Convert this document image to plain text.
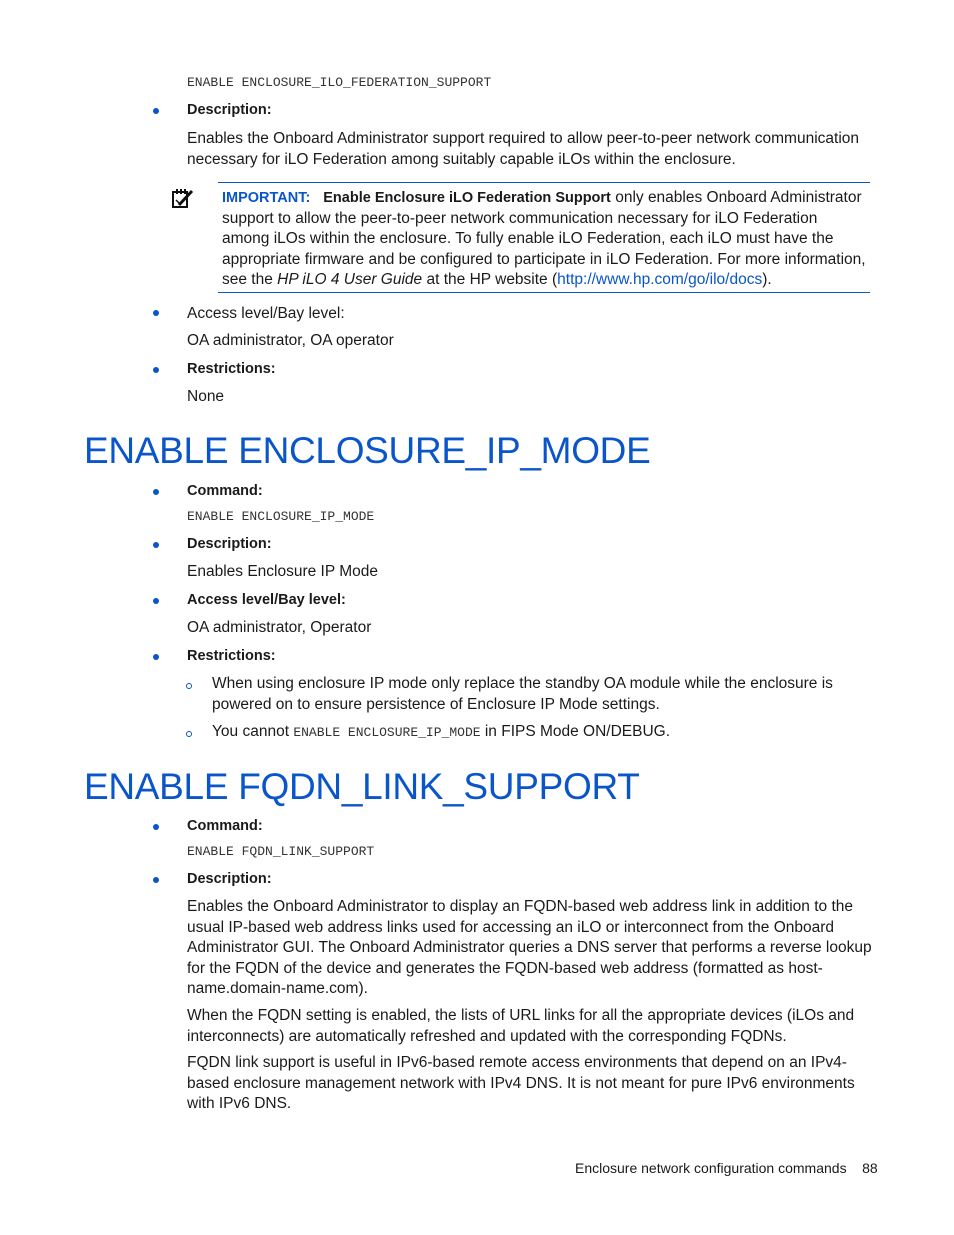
ENABLE ENCLOSURE_ILO_FEDERATION_SUPPORT
Description:
Enables the Onboard Administrator support required to allow peer-to-peer network communication necessary for iLO Federation among suitably capable iLOs within the enclosure.
IMPORTANT: Enable Enclosure iLO Federation Support only enables Onboard Administrator support to allow the peer-to-peer network communication necessary for iLO Federation among iLOs within the enclosure. To fully enable iLO Federation, each iLO must have the appropriate firmware and be configured to participate in iLO Federation. For more information, see the HP iLO 4 User Guide at the HP website (http://www.hp.com/go/ilo/docs).
Access level/Bay level:
OA administrator, OA operator
Restrictions:
None
ENABLE ENCLOSURE_IP_MODE
Command:
ENABLE ENCLOSURE_IP_MODE
Description:
Enables Enclosure IP Mode
Access level/Bay level:
OA administrator, Operator
Restrictions:
When using enclosure IP mode only replace the standby OA module while the enclosure is powered on to ensure persistence of Enclosure IP Mode settings.
You cannot ENABLE ENCLOSURE_IP_MODE in FIPS Mode ON/DEBUG.
ENABLE FQDN_LINK_SUPPORT
Command:
ENABLE FQDN_LINK_SUPPORT
Description:
Enables the Onboard Administrator to display an FQDN-based web address link in addition to the usual IP-based web address links used for accessing an iLO or interconnect from the Onboard Administrator GUI. The Onboard Administrator queries a DNS server that performs a reverse lookup for the FQDN of the device and generates the FQDN-based web address (formatted as host-name.domain-name.com).
When the FQDN setting is enabled, the lists of URL links for all the appropriate devices (iLOs and interconnects) are automatically refreshed and updated with the corresponding FQDNs.
FQDN link support is useful in IPv6-based remote access environments that depend on an IPv4-based enclosure management network with IPv4 DNS. It is not meant for pure IPv6 environments with IPv6 DNS.
Enclosure network configuration commands 88
